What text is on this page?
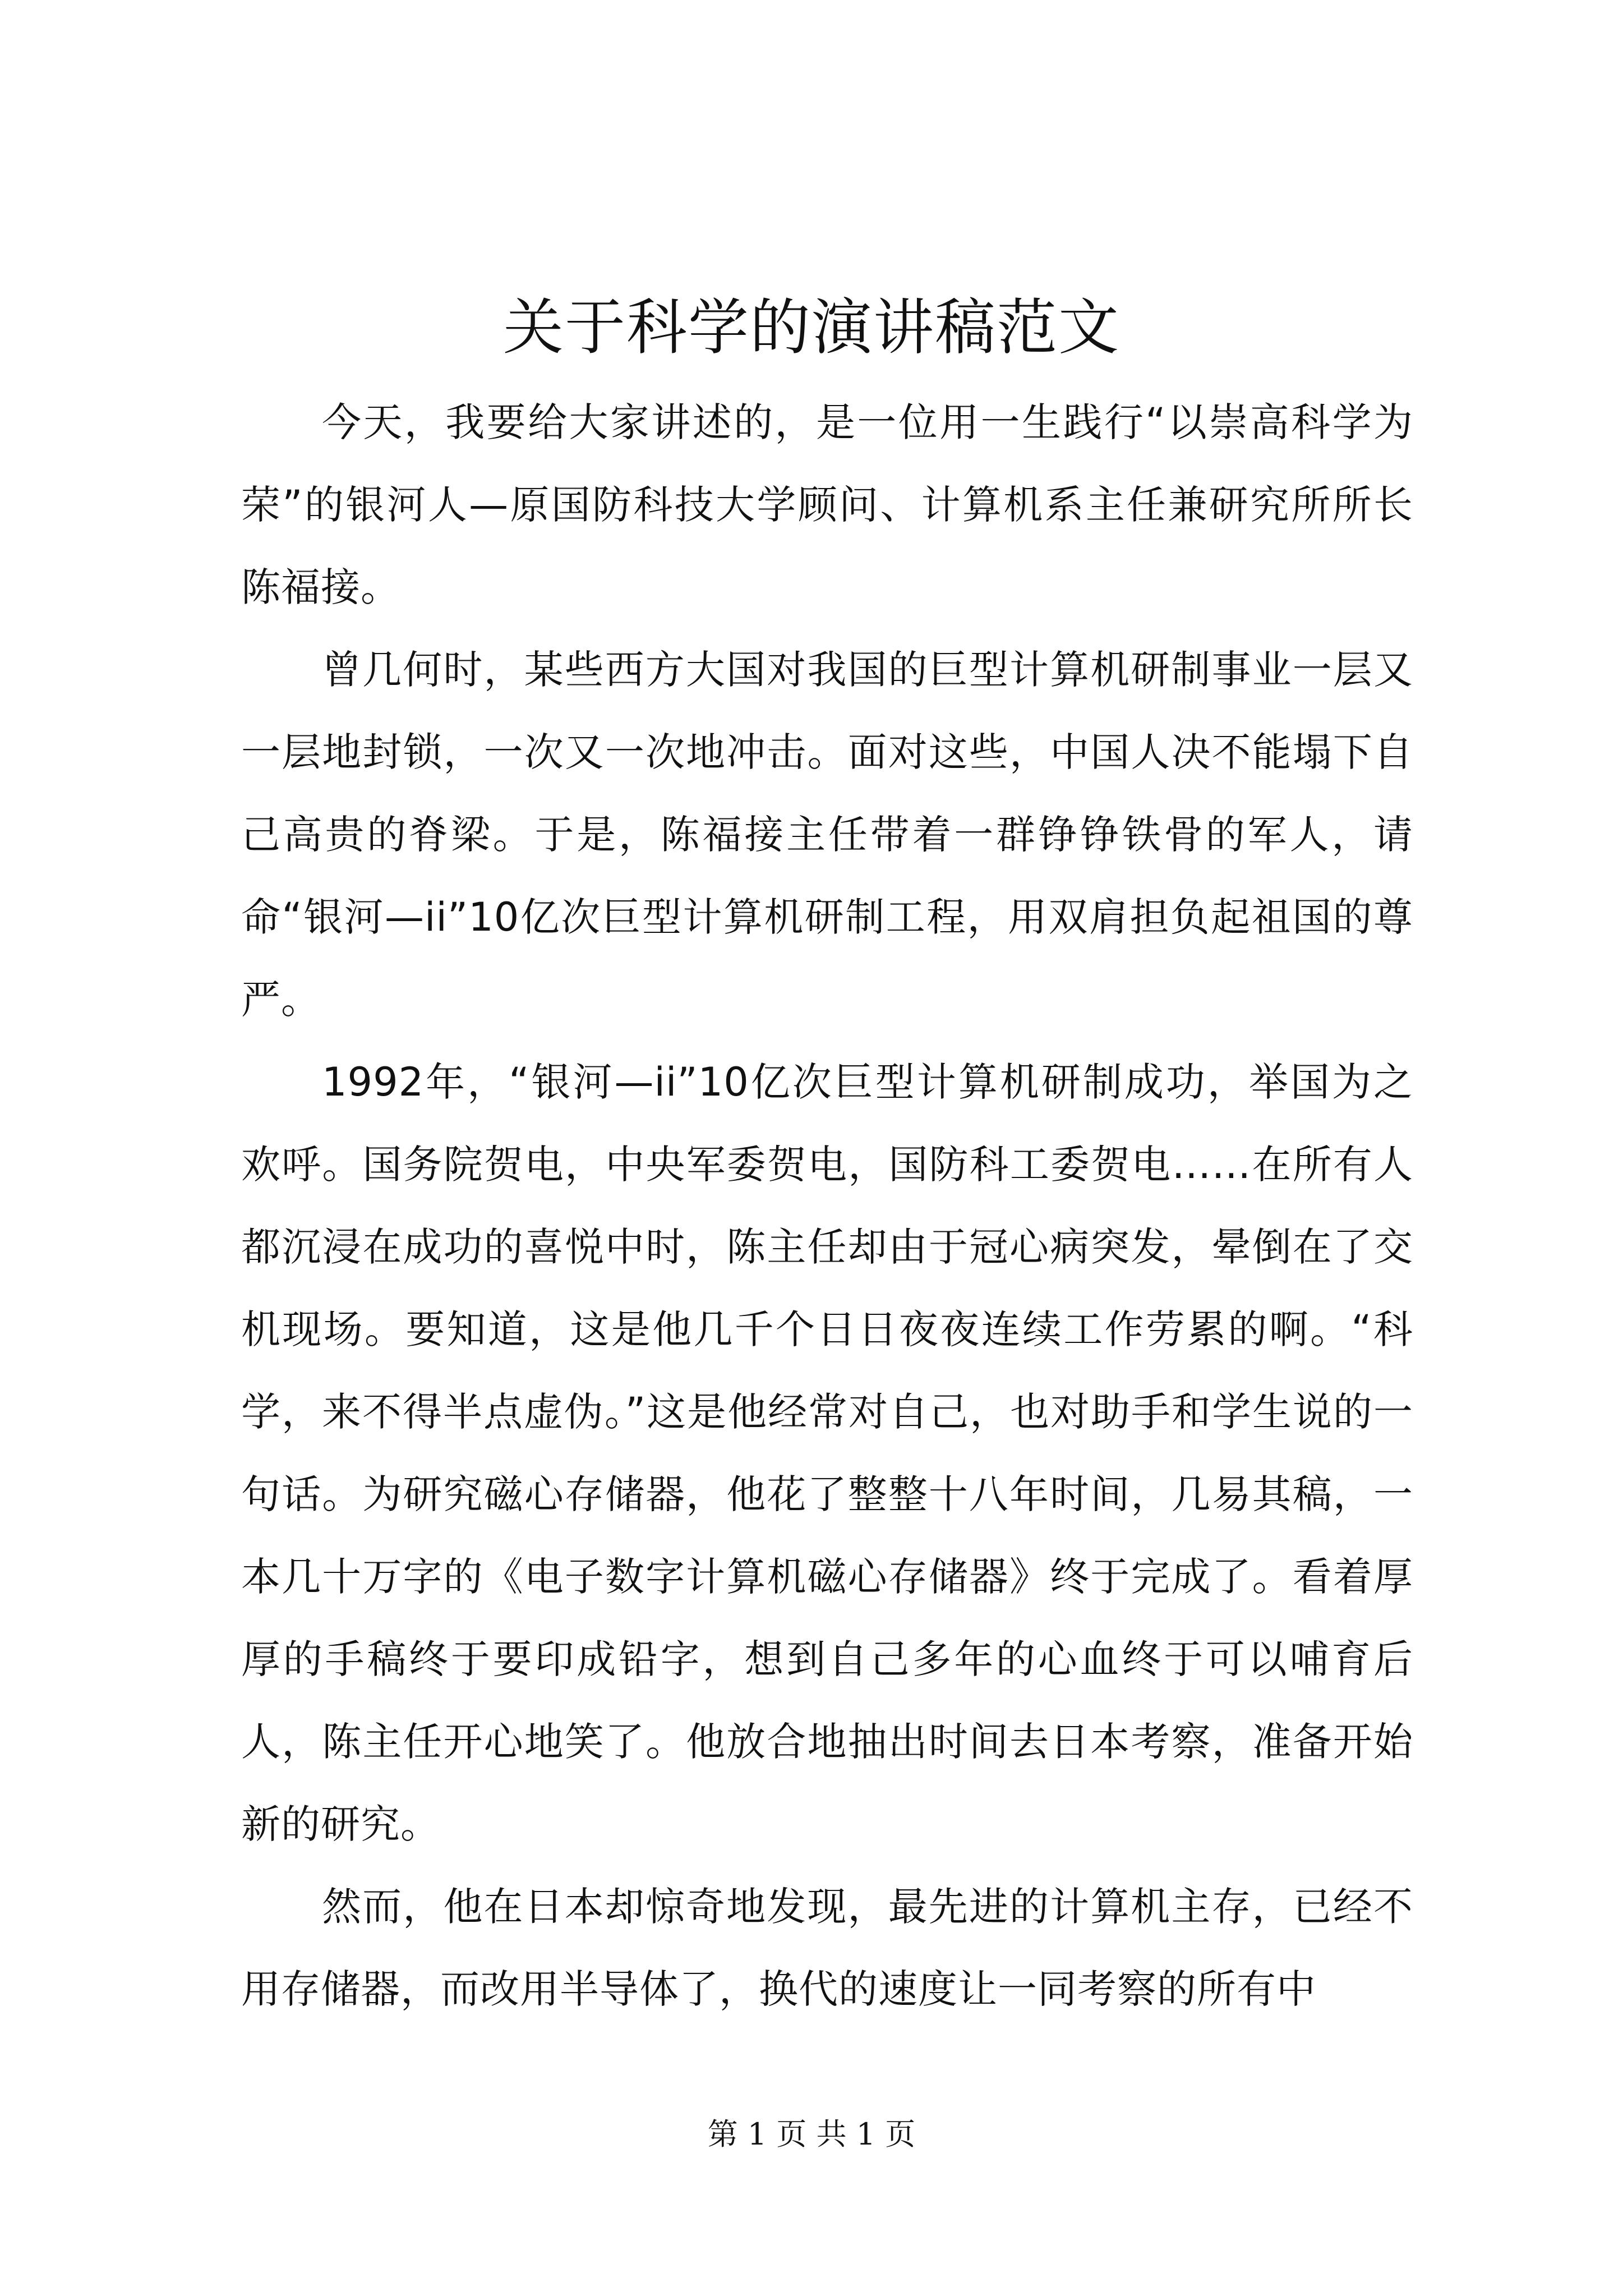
关于科学的演讲稿范文

今天，我要给大家讲述的，是一位用一生践行“以崇高科学为荣”的银河人—原国防科技大学顾问、计算机系主任兼研究所所长陈福接。

曾几何时，某些西方大国对我国的巨型计算机研制事业一层又一层地封锁，一次又一次地冲击。面对这些，中国人决不能塌下自己高贵的脊梁。于是，陈福接主任带着一群铮铮铁骨的军人，请命“银河—ii”10亿次巨型计算机研制工程，用双肩担负起祖国的尊严。

1992年，“银河—ii”10亿次巨型计算机研制成功，举国为之欢呼。国务院贺电，中央军委贺电，国防科工委贺电……在所有人都沉浸在成功的喜悦中时，陈主任却由于冠心病突发，晕倒在了交机现场。要知道，这是他几千个日日夜夜连续工作劳累的啊。“科学，来不得半点虚伪。”这是他经常对自己，也对助手和学生说的一句话。为研究磁心存储器，他花了整整十八年时间，几易其稿，一本几十万字的《电子数字计算机磁心存储器》终于完成了。看着厚厚的手稿终于要印成铅字，想到自己多年的心血终于可以哺育后人，陈主任开心地笑了。他放合地抽出时间去日本考察，准备开始新的研究。

然而，他在日本却惊奇地发现，最先进的计算机主存，已经不用存储器，而改用半导体了，换代的速度让一同考察的所有中

第 1 页 共 1 页
